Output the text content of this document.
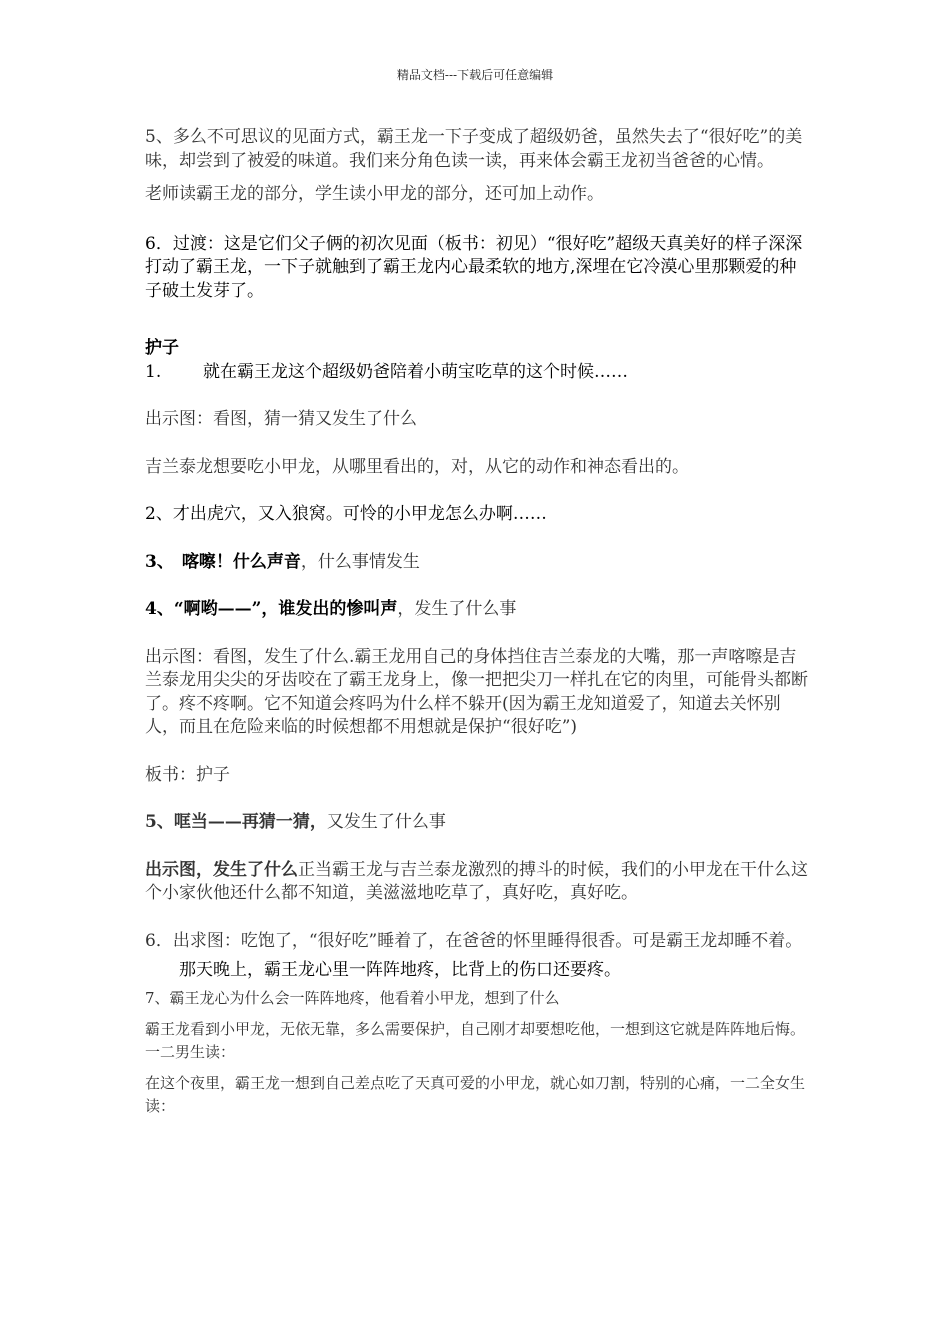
精品文档---下载后可任意编辑

5、多么不可思议的见面方式，霸王龙一下子变成了超级奶爸，虽然失去了“很好吃”的美味，却尝到了被爱的味道。我们来分角色读一读，再来体会霸王龙初当爸爸的心情。

老师读霸王龙的部分，学生读小甲龙的部分，还可加上动作。

6．过渡：这是它们父子俩的初次见面（板书：初见）“很好吃”超级天真美好的样子深深打动了霸王龙，一下子就触到了霸王龙内心最柔软的地方,深埋在它冷漠心里那颗爱的种子破土发芽了。

护子

1. 就在霸王龙这个超级奶爸陪着小萌宝吃草的这个时候……

出示图：看图，猜一猜又发生了什么

吉兰泰龙想要吃小甲龙，从哪里看出的，对，从它的动作和神态看出的。

2、才出虎穴，又入狼窝。可怜的小甲龙怎么办啊……

3、 喀嚓！什么声音，什么事情发生

4、“啊哟——”，谁发出的惨叫声，发生了什么事

出示图：看图，发生了什么.霸王龙用自己的身体挡住吉兰泰龙的大嘴，那一声喀嚓是吉兰泰龙用尖尖的牙齿咬在了霸王龙身上，像一把把尖刀一样扎在它的肉里，可能骨头都断了。疼不疼啊。它不知道会疼吗为什么样不躲开(因为霸王龙知道爱了，知道去关怀别人，而且在危险来临的时候想都不用想就是保护“很好吃”)

板书：护子

5、哐当——再猜一猜，又发生了什么事

出示图，发生了什么正当霸王龙与吉兰泰龙激烈的搏斗的时候，我们的小甲龙在干什么这个小家伙他还什么都不知道，美滋滋地吃草了，真好吃，真好吃。

6．出求图：吃饱了，“很好吃”睡着了，在爸爸的怀里睡得很香。可是霸王龙却睡不着。

那天晚上，霸王龙心里一阵阵地疼，比背上的伤口还要疼。

7、霸王龙心为什么会一阵阵地疼，他看着小甲龙，想到了什么

霸王龙看到小甲龙，无依无靠，多么需要保护，自己刚才却要想吃他，一想到这它就是阵阵地后悔。一二男生读：

在这个夜里，霸王龙一想到自己差点吃了天真可爱的小甲龙，就心如刀割，特别的心痛，一二全女生读：
